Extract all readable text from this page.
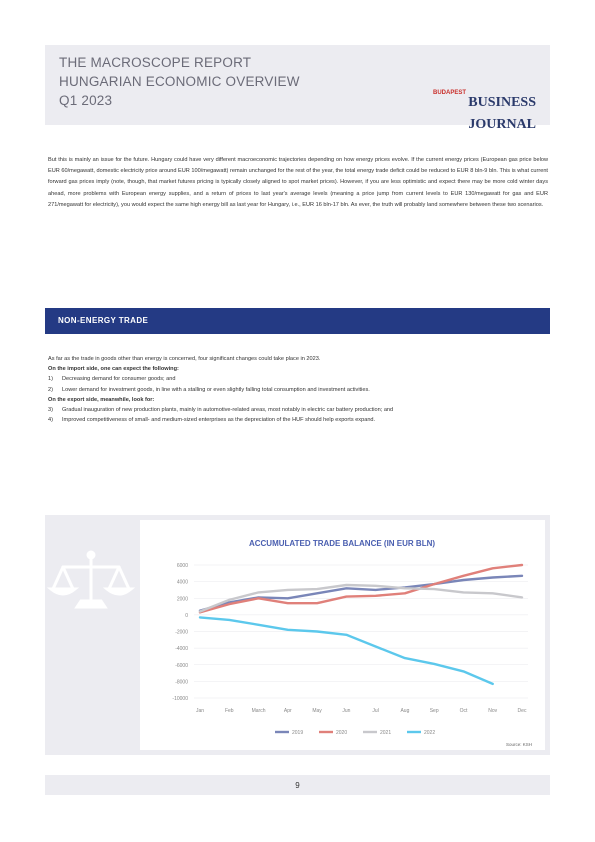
THE MACROSCOPE REPORT
HUNGARIAN ECONOMIC OVERVIEW
Q1 2023	BUDAPEST
BUSINESS JOURNAL
But this is mainly an issue for the future. Hungary could have very different macroeconomic trajectories depending on how energy prices evolve. If the current energy prices (European gas price below EUR 60/megawatt, domestic electricity price around EUR 100/megawatt) remain unchanged for the rest of the year, the total energy trade deficit could be reduced to EUR 8 bln-9 bln. This is what current forward gas prices imply (note, though, that market futures pricing is typically closely aligned to spot market prices). However, if you are less optimistic and expect there may be more cold winter days ahead, more problems with European energy supplies, and a return of prices to last year's average levels (meaning a price jump from current levels to EUR 130/megawatt for gas and EUR 271/megawatt for electricity), you would expect the same high energy bill as last year for Hungary, i.e., EUR 16 bln-17 bln. As ever, the truth will probably land somewhere between these two scenarios.
NON-ENERGY TRADE
As far as the trade in goods other than energy is concerned, four significant changes could take place in 2023.
On the import side, one can expect the following:
1) Decreasing demand for consumer goods; and
2) Lower demand for investment goods, in line with a stalling or even slightly falling total consumption and investment activities.
On the export side, meanwhile, look for:
3) Gradual inauguration of new production plants, mainly in automotive-related areas, most notably in electric car battery production; and
4) Improved competitiveness of small- and medium-sized enterprises as the depreciation of the HUF should help exports expand.
ACCUMULATED TRADE BALANCE (IN EUR BLN)
6000
4000
2000
0
-2000
-4000
-6000
-8000
-10000
Jan	Feb	March	Apr	May	Jun	Jul	Aug	Sep	Oct	Nov	Dec
2019	2020	2021	2022
Source: KSH
9
